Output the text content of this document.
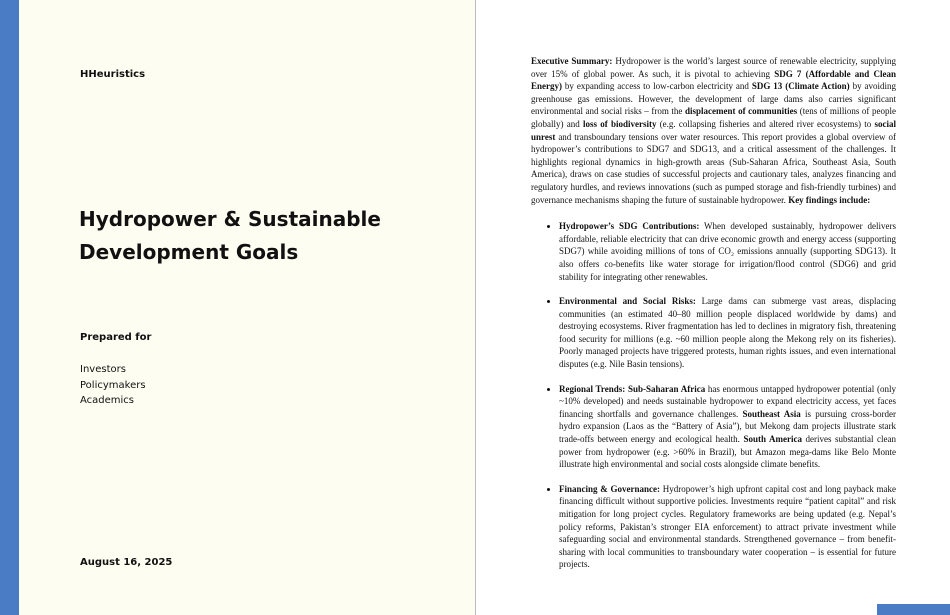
HHeuristics
Hydropower & Sustainable Development Goals
Prepared for
Investors
Policymakers
Academics
August 16, 2025

Executive Summary: Hydropower is the world’s largest source of renewable electricity, supplying over 15% of global power. As such, it is pivotal to achieving SDG 7 (Affordable and Clean Energy) by expanding access to low-carbon electricity and SDG 13 (Climate Action) by avoiding greenhouse gas emissions. However, the development of large dams also carries significant environmental and social risks – from the displacement of communities (tens of millions of people globally) and loss of biodiversity (e.g. collapsing fisheries and altered river ecosystems) to social unrest and transboundary tensions over water resources. This report provides a global overview of hydropower’s contributions to SDG7 and SDG13, and a critical assessment of the challenges. It highlights regional dynamics in high-growth areas (Sub-Saharan Africa, Southeast Asia, South America), draws on case studies of successful projects and cautionary tales, analyzes financing and regulatory hurdles, and reviews innovations (such as pumped storage and fish-friendly turbines) and governance mechanisms shaping the future of sustainable hydropower. Key findings include:

• Hydropower’s SDG Contributions: When developed sustainably, hydropower delivers affordable, reliable electricity that can drive economic growth and energy access (supporting SDG7) while avoiding millions of tons of CO₂ emissions annually (supporting SDG13). It also offers co-benefits like water storage for irrigation/flood control (SDG6) and grid stability for integrating other renewables.
• Environmental and Social Risks: Large dams can submerge vast areas, displacing communities (an estimated 40–80 million people displaced worldwide by dams) and destroying ecosystems. River fragmentation has led to declines in migratory fish, threatening food security for millions (e.g. ~60 million people along the Mekong rely on its fisheries). Poorly managed projects have triggered protests, human rights issues, and even international disputes (e.g. Nile Basin tensions).
• Regional Trends: Sub-Saharan Africa has enormous untapped hydropower potential (only ~10% developed) and needs sustainable hydropower to expand electricity access, yet faces financing shortfalls and governance challenges. Southeast Asia is pursuing cross-border hydro expansion (Laos as the “Battery of Asia”), but Mekong dam projects illustrate stark trade-offs between energy and ecological health. South America derives substantial clean power from hydropower (e.g. >60% in Brazil), but Amazon mega-dams like Belo Monte illustrate high environmental and social costs alongside climate benefits.
• Financing & Governance: Hydropower’s high upfront capital cost and long payback make financing difficult without supportive policies. Investments require “patient capital” and risk mitigation for long project cycles. Regulatory frameworks are being updated (e.g. Nepal’s policy reforms, Pakistan’s stronger EIA enforcement) to attract private investment while safeguarding social and environmental standards. Strengthened governance – from benefit-sharing with local communities to transboundary water cooperation – is essential for future projects.
